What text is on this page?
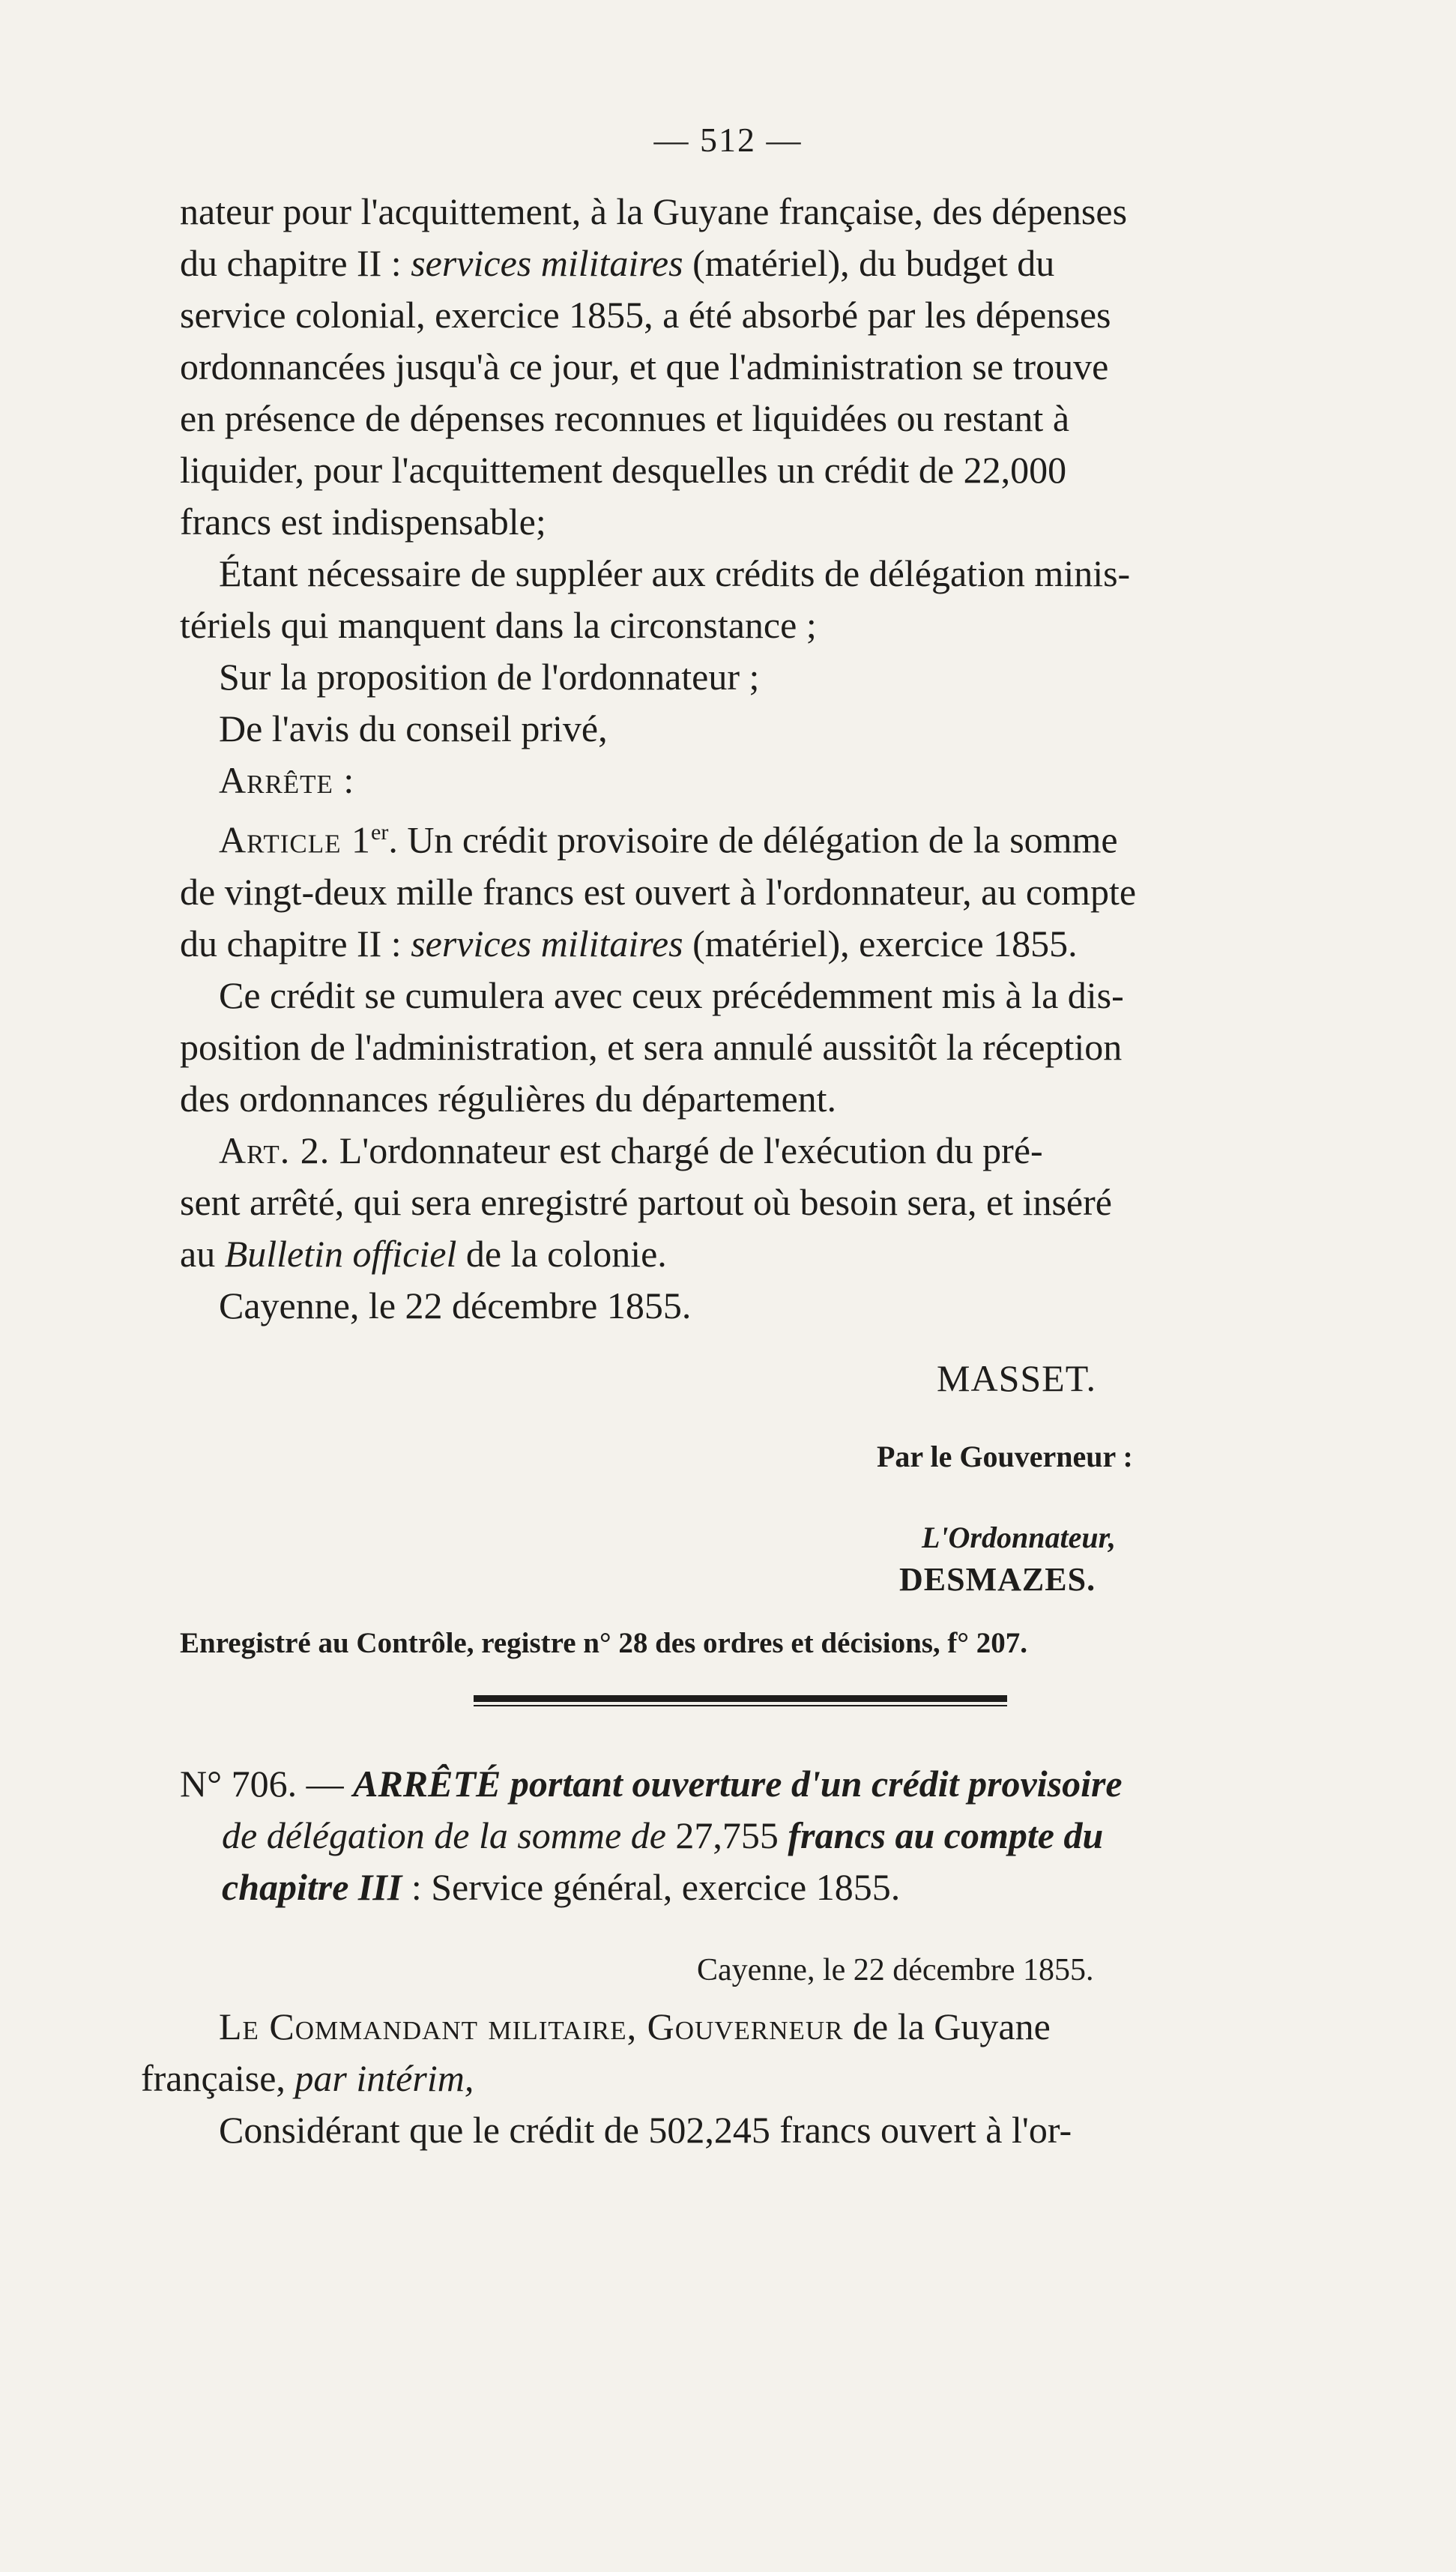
— 512 —

nateur pour l'acquittement, à la Guyane française, des dépenses
du chapitre II : services militaires (matériel), du budget du
service colonial, exercice 1855, a été absorbé par les dépenses
ordonnancées jusqu'à ce jour, et que l'administration se trouve
en présence de dépenses reconnues et liquidées ou restant à
liquider, pour l'acquittement desquelles un crédit de 22,000
francs est indispensable;

Étant nécessaire de suppléer aux crédits de délégation minis-
tériels qui manquent dans la circonstance ;

Sur la proposition de l'ordonnateur ;

De l'avis du conseil privé,

Arrête :

Article 1er. Un crédit provisoire de délégation de la somme
de vingt-deux mille francs est ouvert à l'ordonnateur, au compte
du chapitre II : services militaires (matériel), exercice 1855.

Ce crédit se cumulera avec ceux précédemment mis à la dis-
position de l'administration, et sera annulé aussitôt la réception
des ordonnances régulières du département.

Art. 2. L'ordonnateur est chargé de l'exécution du pré-
sent arrêté, qui sera enregistré partout où besoin sera, et inséré
au Bulletin officiel de la colonie.

Cayenne, le 22 décembre 1855.

MASSET.
Par le Gouverneur :
L'Ordonnateur,
DESMAZES.
Enregistré au Contrôle, registre n° 28 des ordres et décisions, f° 207.

N° 706. — ARRÊTÉ portant ouverture d'un crédit provisoire

de délégation de la somme de 27,755 francs au compte du

chapitre III : Service général, exercice 1855.

Cayenne, le 22 décembre 1855.

Le Commandant militaire, Gouverneur de la Guyane
française, par intérim,

Considérant que le crédit de 502,245 francs ouvert à l'or-
